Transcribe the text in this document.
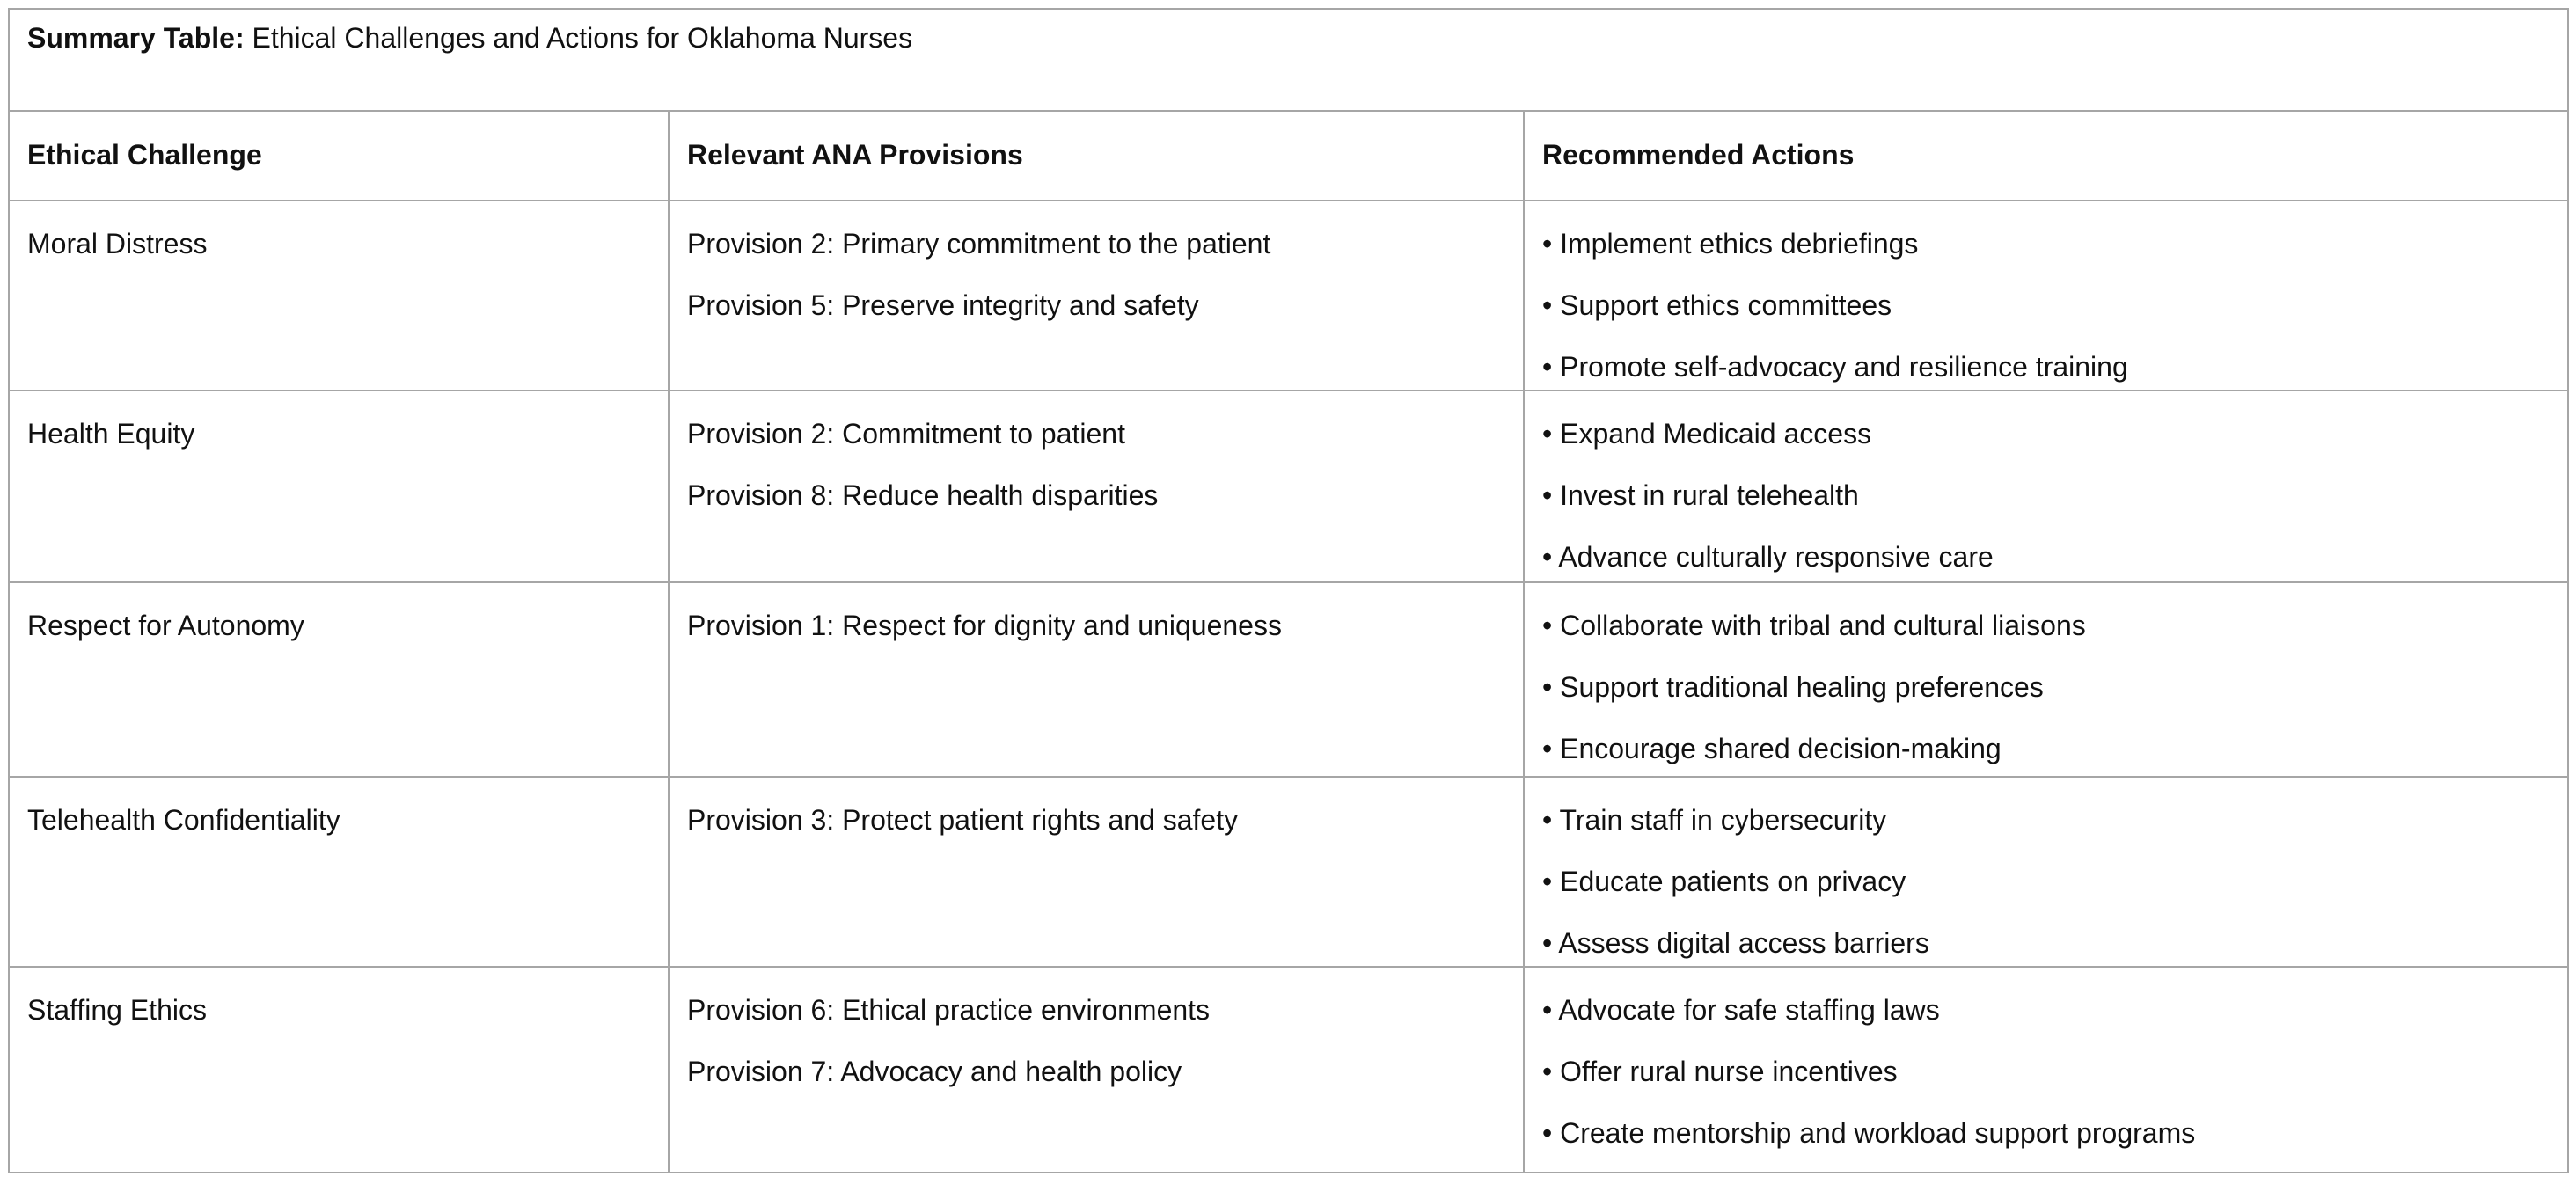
Summary Table: Ethical Challenges and Actions for Oklahoma Nurses		
Ethical Challenge	Relevant ANA Provisions	Recommended Actions

Moral Distress	Provision 2: Primary commitment to the patient
Provision 5: Preserve integrity and safety	• Implement ethics debriefings
• Support ethics committees
• Promote self-advocacy and resilience training

Health Equity	Provision 2: Commitment to patient
Provision 8: Reduce health disparities	• Expand Medicaid access
• Invest in rural telehealth
• Advance culturally responsive care

Respect for Autonomy	Provision 1: Respect for dignity and uniqueness	• Collaborate with tribal and cultural liaisons
• Support traditional healing preferences
• Encourage shared decision-making

Telehealth Confidentiality	Provision 3: Protect patient rights and safety	• Train staff in cybersecurity
• Educate patients on privacy
• Assess digital access barriers

Staffing Ethics	Provision 6: Ethical practice environments
Provision 7: Advocacy and health policy	• Advocate for safe staffing laws
• Offer rural nurse incentives
• Create mentorship and workload support programs
